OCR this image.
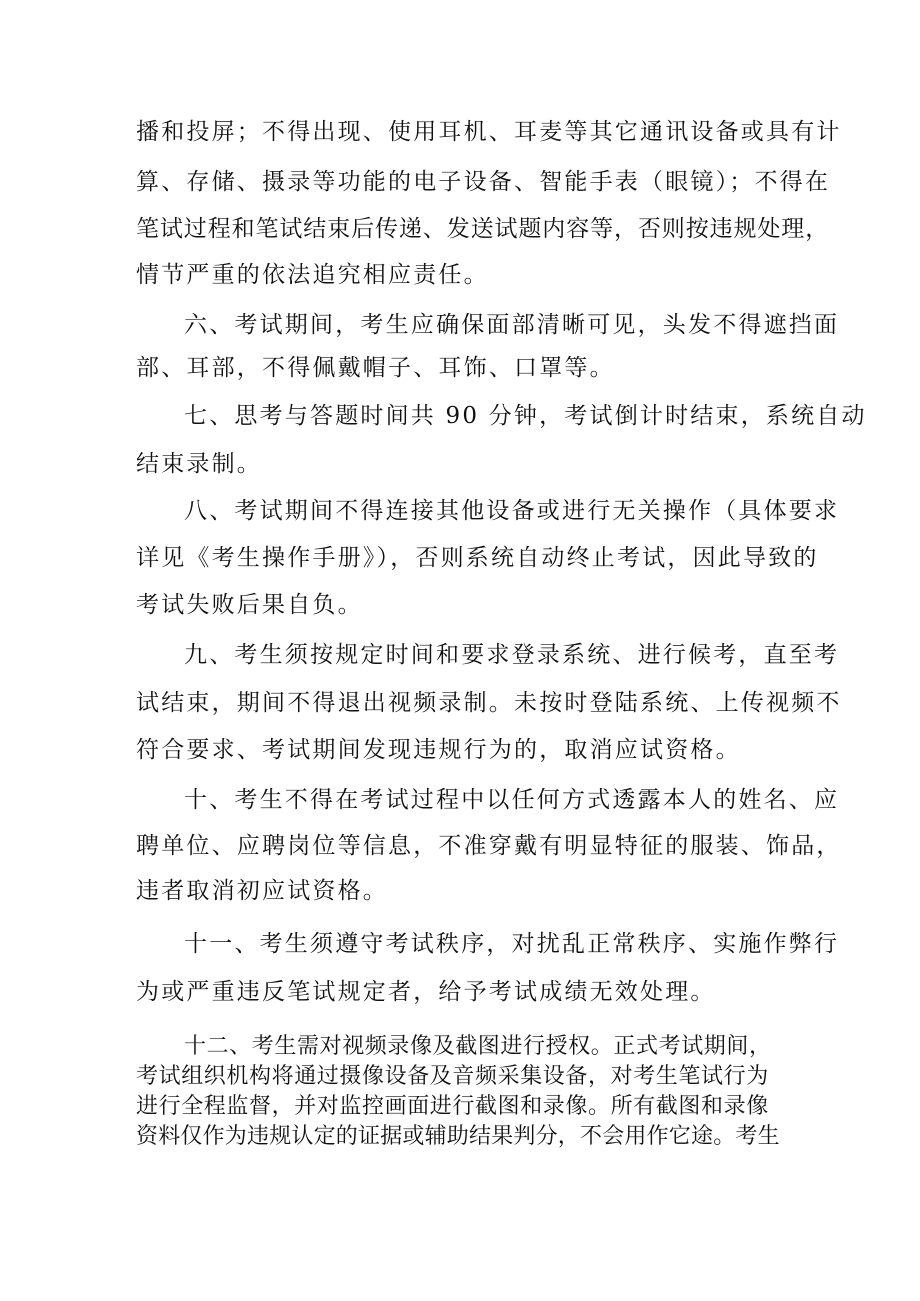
播和投屏；不得出现、使用耳机、耳麦等其它通讯设备或具有计
算、存储、摄录等功能的电子设备、智能手表（眼镜）；不得在
笔试过程和笔试结束后传递、发送试题内容等，否则按违规处理，
情节严重的依法追究相应责任。
六、考试期间，考生应确保面部清晰可见，头发不得遮挡面
部、耳部，不得佩戴帽子、耳饰、口罩等。
七、思考与答题时间共 90 分钟，考试倒计时结束，系统自动
结束录制。
八、考试期间不得连接其他设备或进行无关操作（具体要求
详见《考生操作手册》），否则系统自动终止考试，因此导致的
考试失败后果自负。
九、考生须按规定时间和要求登录系统、进行候考，直至考
试结束，期间不得退出视频录制。未按时登陆系统、上传视频不
符合要求、考试期间发现违规行为的，取消应试资格。
十、考生不得在考试过程中以任何方式透露本人的姓名、应
聘单位、应聘岗位等信息，不准穿戴有明显特征的服装、饰品，
违者取消初应试资格。
十一、考生须遵守考试秩序，对扰乱正常秩序、实施作弊行
为或严重违反笔试规定者，给予考试成绩无效处理。
十二、考生需对视频录像及截图进行授权。正式考试期间，
考试组织机构将通过摄像设备及音频采集设备，对考生笔试行为
进行全程监督，并对监控画面进行截图和录像。所有截图和录像
资料仅作为违规认定的证据或辅助结果判分，不会用作它途。考生
